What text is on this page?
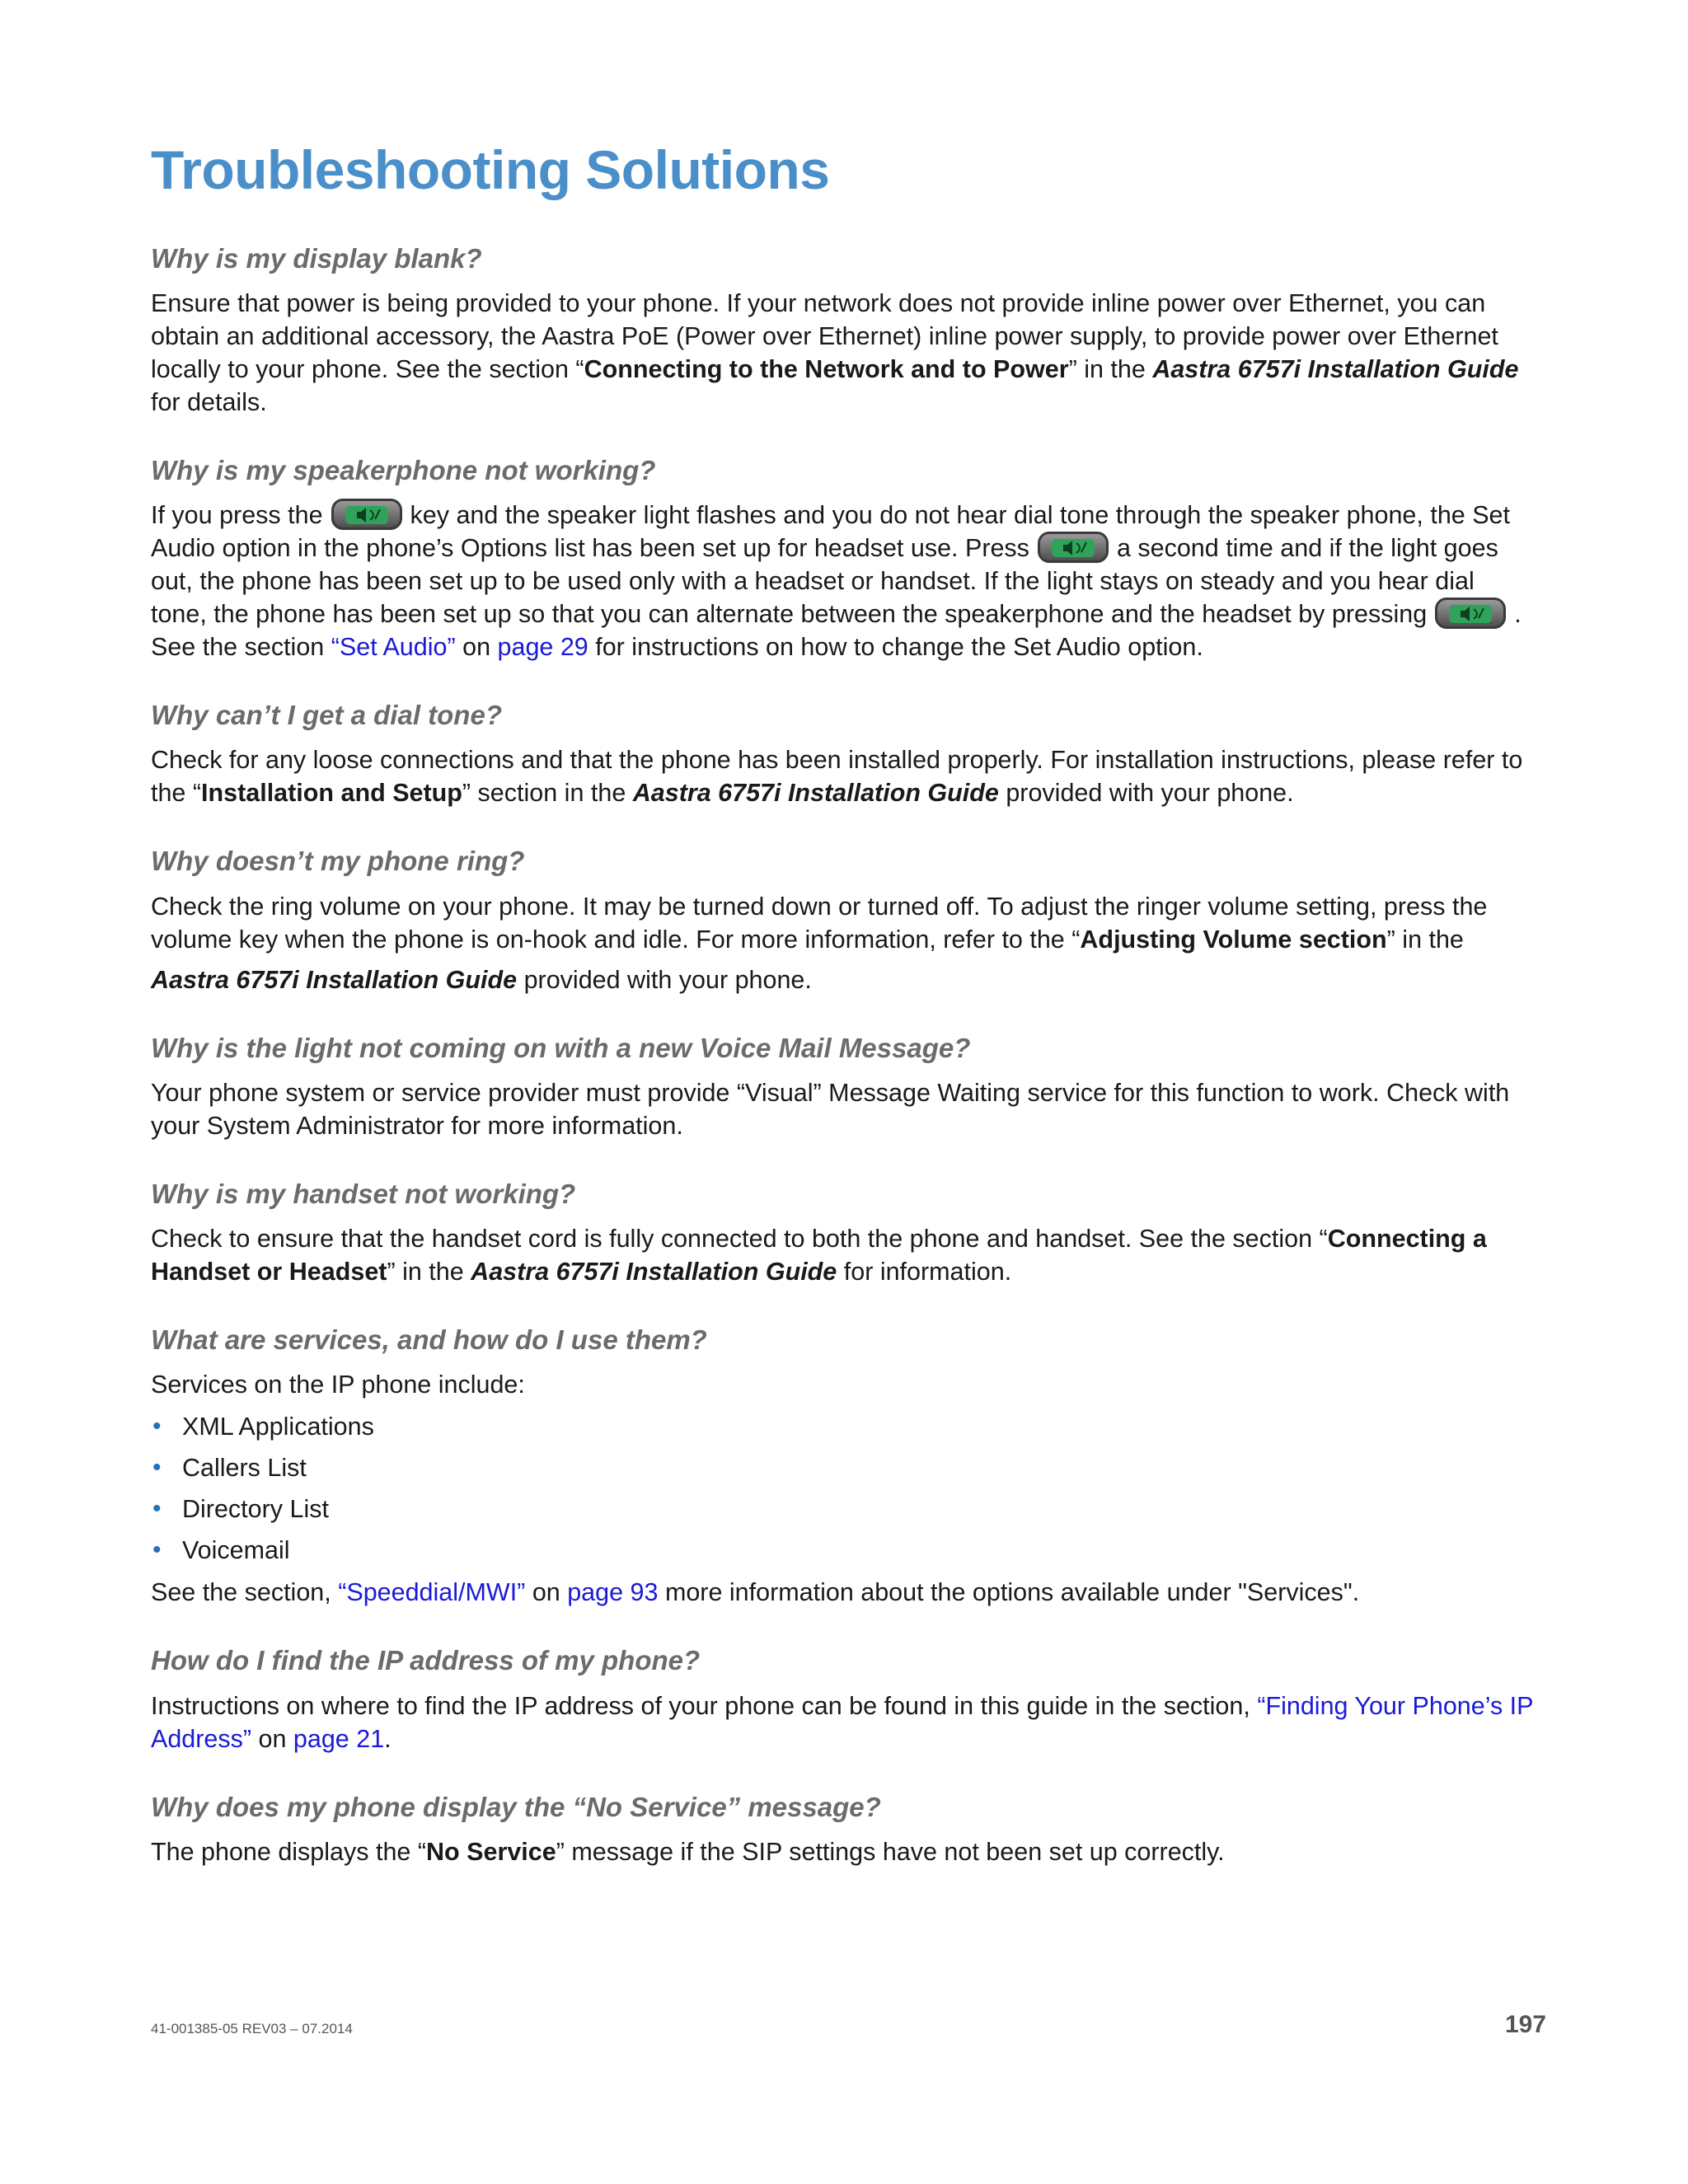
Troubleshooting Solutions
Why is my display blank?

Ensure that power is being provided to your phone. If your network does not provide inline power over Ethernet, you can obtain an additional accessory, the Aastra PoE (Power over Ethernet) inline power supply, to provide power over Ethernet locally to your phone. See the section “Connecting to the Network and to Power” in the Aastra 6757i Installation Guide for details.

Why is my speakerphone not working?

If you press the	key and the speaker light flashes and you do not hear dial tone through the speaker phone, the Set Audio option in the phone’s Options list has been set up for headset use. Press	a second time and if the light goes out, the phone has been set up to be used only with a headset or handset. If the light stays on steady and you hear dial tone, the phone has been set up so that you can alternate between the speakerphone and the headset by pressing	. See the section “Set Audio” on page 29 for instructions on how to change the Set Audio option.

Why can’t I get a dial tone?

Check for any loose connections and that the phone has been installed properly. For installation instructions, please refer to the “Installation and Setup” section in the Aastra 6757i Installation Guide provided with your phone.

Why doesn’t my phone ring?

Check the ring volume on your phone. It may be turned down or turned off. To adjust the ringer volume setting, press the volume key when the phone is on-hook and idle. For more information, refer to the “Adjusting Volume section” in the

Aastra 6757i Installation Guide provided with your phone.

Why is the light not coming on with a new Voice Mail Message?

Your phone system or service provider must provide “Visual” Message Waiting service for this function to work. Check with your System Administrator for more information.

Why is my handset not working?

Check to ensure that the handset cord is fully connected to both the phone and handset. See the section “Connecting a Handset or Headset” in the Aastra 6757i Installation Guide for information.

What are services, and how do I use them?

Services on the IP phone include:

• XML Applications
• Callers List
• Directory List
• Voicemail

See the section, “Speeddial/MWI” on page 93 more information about the options available under "Services".

How do I find the IP address of my phone?

Instructions on where to find the IP address of your phone can be found in this guide in the section, “Finding Your Phone’s IP Address” on page 21.

Why does my phone display the “No Service” message?

The phone displays the “No Service” message if the SIP settings have not been set up correctly.

41-001385-05 REV03 – 07.2014	197
